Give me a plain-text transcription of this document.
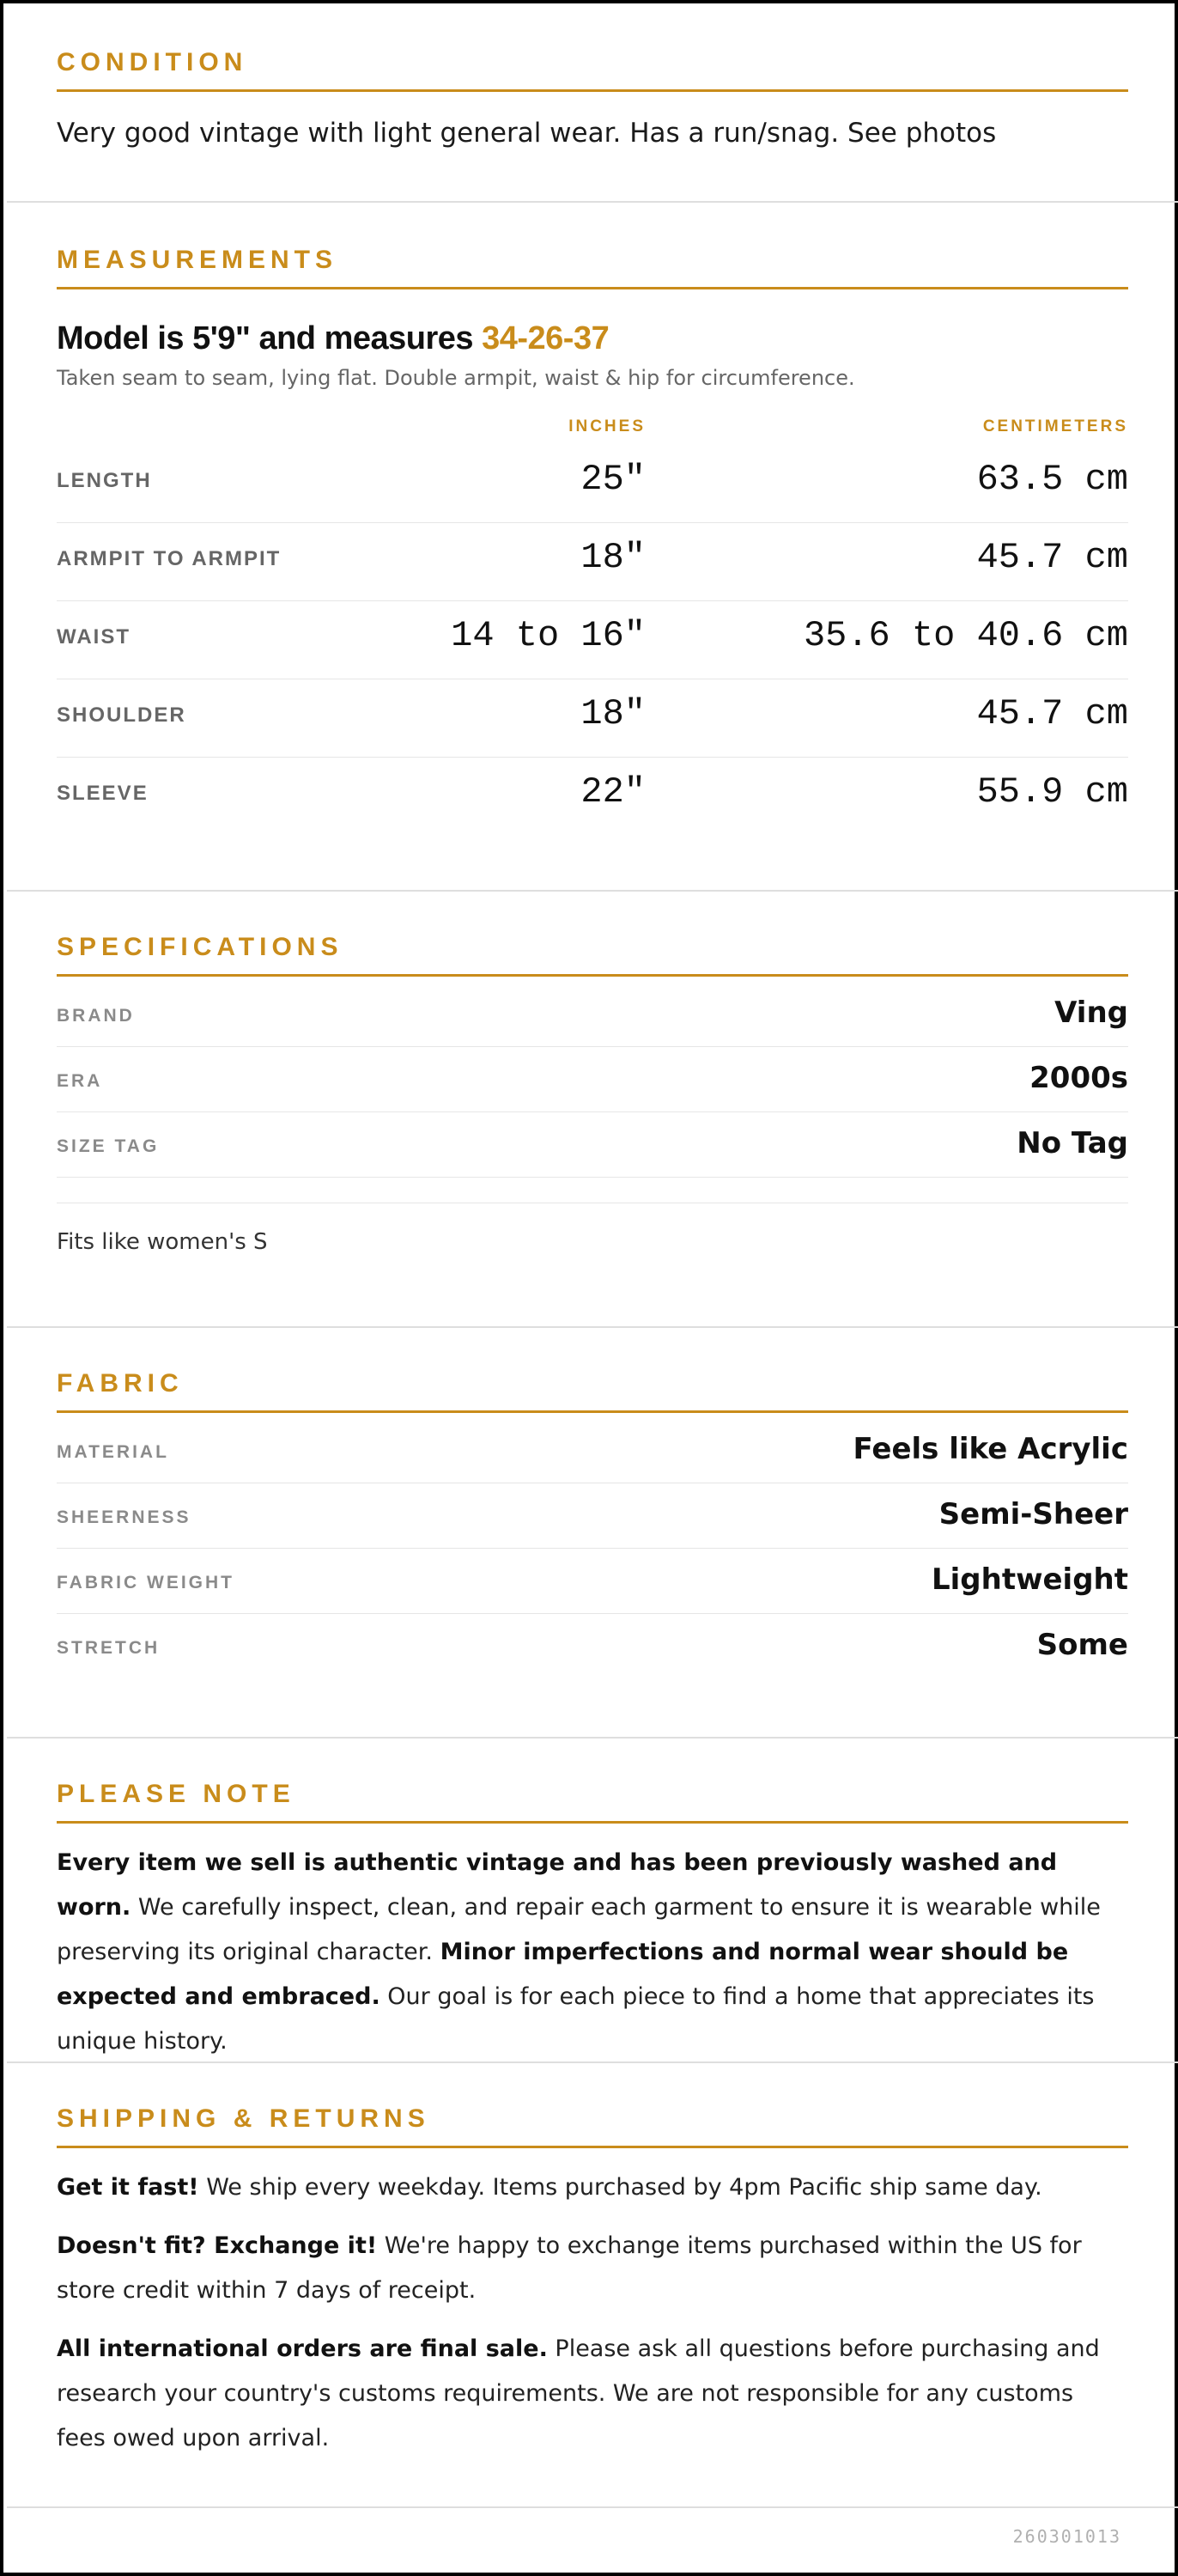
CONDITION
Very good vintage with light general wear. Has a run/snag. See photos
MEASUREMENTS
Model is 5'9" and measures 34-26-37
Taken seam to seam, lying flat. Double armpit, waist & hip for circumference.
INCHES	CENTIMETERS
LENGTH	25"	63.5 cm
ARMPIT TO ARMPIT	18"	45.7 cm
WAIST	14 to 16"	35.6 to 40.6 cm
SHOULDER	18"	45.7 cm
SLEEVE	22"	55.9 cm
SPECIFICATIONS
BRAND	Ving
ERA	2000s
SIZE TAG	No Tag
Fits like women's S
FABRIC
MATERIAL	Feels like Acrylic
SHEERNESS	Semi-Sheer
FABRIC WEIGHT	Lightweight
STRETCH	Some
PLEASE NOTE
Every item we sell is authentic vintage and has been previously washed and worn. We carefully inspect, clean, and repair each garment to ensure it is wearable while preserving its original character. Minor imperfections and normal wear should be expected and embraced. Our goal is for each piece to find a home that appreciates its unique history.
SHIPPING & RETURNS
Get it fast! We ship every weekday. Items purchased by 4pm Pacific ship same day.
Doesn't fit? Exchange it! We're happy to exchange items purchased within the US for store credit within 7 days of receipt.
All international orders are final sale. Please ask all questions before purchasing and research your country's customs requirements. We are not responsible for any customs fees owed upon arrival.
260301013
